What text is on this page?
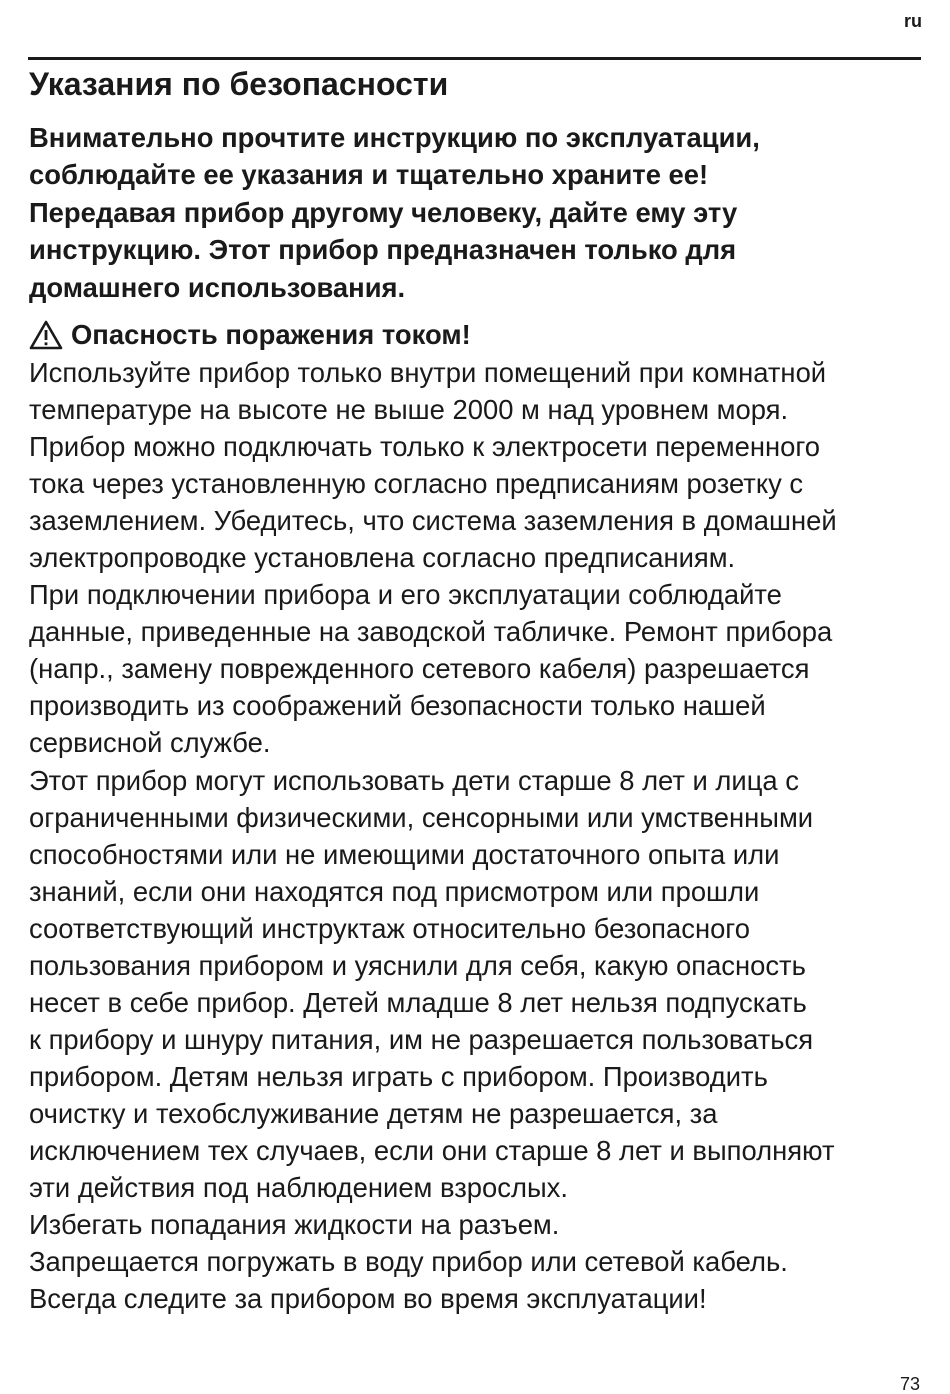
ru
Указания по безопасности
Внимательно прочтите инструкцию по эксплуатации,
соблюдайте ее указания и тщательно храните ее!
Передавая прибор другому человеку, дайте ему эту
инструкцию. Этот прибор предназначен только для
домашнего использования.
Опасность поражения током!
Используйте прибор только внутри помещений при комнатной
температуре на высоте не выше 2000 м над уровнем моря.
Прибор можно подключать только к электросети переменного
тока через установленную согласно предписаниям розетку с
заземлением. Убедитесь, что система заземления в домашней
электропроводке установлена согласно предписаниям.
При подключении прибора и его эксплуатации соблюдайте
данные, приведенные на заводской табличке. Ремонт прибора
(напр., замену поврежденного сетевого кабеля) разрешается
производить из соображений безопасности только нашей
сервисной службе.
Этот прибор могут использовать дети старше 8 лет и лица с
ограниченными физическими, сенсорными или умственными
способностями или не имеющими достаточного опыта или
знаний, если они находятся под присмотром или прошли
соответствующий инструктаж относительно безопасного
пользования прибором и уяснили для себя, какую опасность
несет в себе прибор. Детей младше 8 лет нельзя подпускать
к прибору и шнуру питания, им не разрешается пользоваться
прибором. Детям нельзя играть с прибором. Производить
очистку и техобслуживание детям не разрешается, за
исключением тех случаев, если они старше 8 лет и выполняют
эти действия под наблюдением взрослых.
Избегать попадания жидкости на разъем.
Запрещается погружать в воду прибор или сетевой кабель.
Всегда следите за прибором во время эксплуатации!
73
